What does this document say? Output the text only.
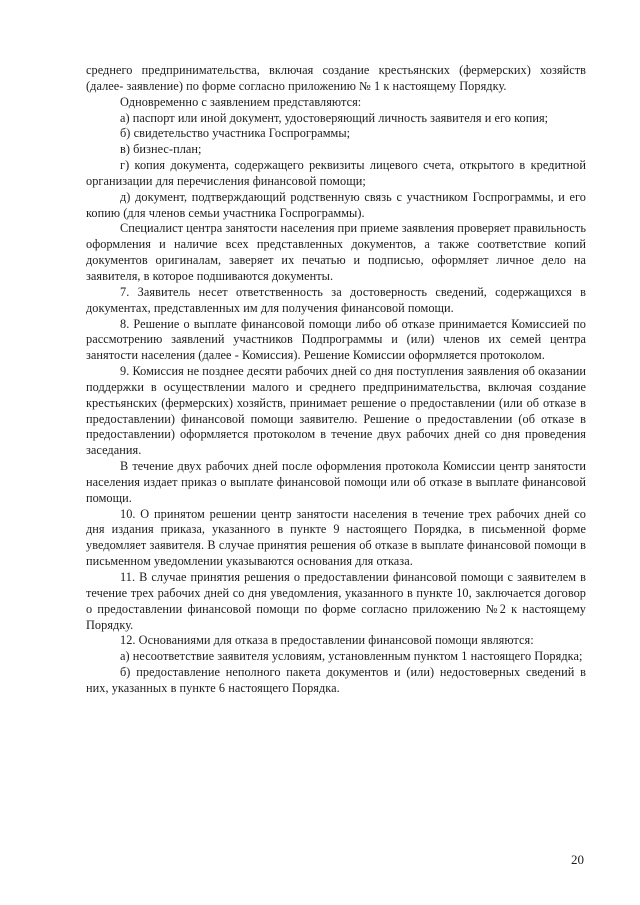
среднего предпринимательства, включая создание крестьянских (фермерских) хозяйств (далее- заявление) по форме согласно приложению № 1 к настоящему Порядку.

Одновременно с заявлением представляются:

а) паспорт или иной документ, удостоверяющий личность заявителя и его копия;

б) свидетельство участника Госпрограммы;

в) бизнес-план;

г) копия документа, содержащего реквизиты лицевого счета, открытого в кредитной организации для перечисления финансовой помощи;

д) документ, подтверждающий родственную связь с участником Госпрограммы, и его копию (для членов семьи участника Госпрограммы).

Специалист центра занятости населения при приеме заявления проверяет правильность оформления и наличие всех представленных документов, а также соответствие копий документов оригиналам, заверяет их печатью и подписью, оформляет личное дело на заявителя, в которое подшиваются документы.

7. Заявитель несет ответственность за достоверность сведений, содержащихся в документах, представленных им для получения финансовой помощи.

8. Решение о выплате финансовой помощи либо об отказе принимается Комиссией по рассмотрению заявлений участников Подпрограммы и (или) членов их семей центра занятости населения (далее - Комиссия). Решение Комиссии оформляется протоколом.

9. Комиссия не позднее десяти рабочих дней со дня поступления заявления об оказании поддержки в осуществлении малого и среднего предпринимательства, включая создание крестьянских (фермерских) хозяйств, принимает решение о предоставлении (или об отказе в предоставлении) финансовой помощи заявителю. Решение о предоставлении (об отказе в предоставлении) оформляется протоколом в течение двух рабочих дней со дня проведения заседания.

В течение двух рабочих дней после оформления протокола Комиссии центр занятости населения издает приказ о выплате финансовой помощи или об отказе в выплате финансовой помощи.

10. О принятом решении центр занятости населения в течение трех рабочих дней со дня издания приказа, указанного в пункте 9 настоящего Порядка, в письменной форме уведомляет заявителя. В случае принятия решения об отказе в выплате финансовой помощи в письменном уведомлении указываются основания для отказа.

11. В случае принятия решения о предоставлении финансовой помощи с заявителем в течение трех рабочих дней со дня уведомления, указанного в пункте 10, заключается договор о предоставлении финансовой помощи по форме согласно приложению №2 к настоящему Порядку.

12. Основаниями для отказа в предоставлении финансовой помощи являются:

а) несоответствие заявителя условиям, установленным пунктом 1 настоящего Порядка;

б) предоставление неполного пакета документов и (или) недостоверных сведений в них, указанных в пункте 6 настоящего Порядка.

20
